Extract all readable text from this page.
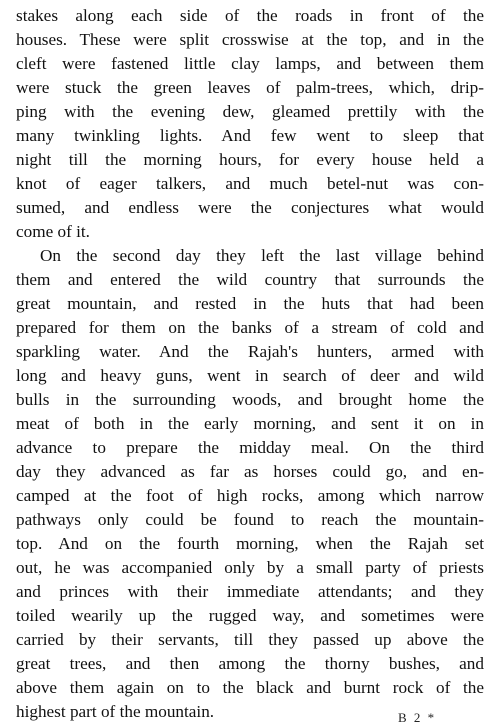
stakes along each side of the roads in front of the
houses. These were split crosswise at the top, and in the
cleft were fastened little clay lamps, and between them
were stuck the green leaves of palm-trees, which, drip-
ping with the evening dew, gleamed prettily with the
many twinkling lights. And few went to sleep that
night till the morning hours, for every house held a
knot of eager talkers, and much betel-nut was con-
sumed, and endless were the conjectures what would
come of it.
On the second day they left the last village behind
them and entered the wild country that surrounds the
great mountain, and rested in the huts that had been
prepared for them on the banks of a stream of cold and
sparkling water. And the Rajah's hunters, armed with
long and heavy guns, went in search of deer and wild
bulls in the surrounding woods, and brought home the
meat of both in the early morning, and sent it on in
advance to prepare the midday meal. On the third
day they advanced as far as horses could go, and en-
camped at the foot of high rocks, among which narrow
pathways only could be found to reach the mountain-
top. And on the fourth morning, when the Rajah set
out, he was accompanied only by a small party of priests
and princes with their immediate attendants; and they
toiled wearily up the rugged way, and sometimes were
carried by their servants, till they passed up above the
great trees, and then among the thorny bushes, and
above them again on to the black and burnt rock of the
highest part of the mountain.	B 2 *
